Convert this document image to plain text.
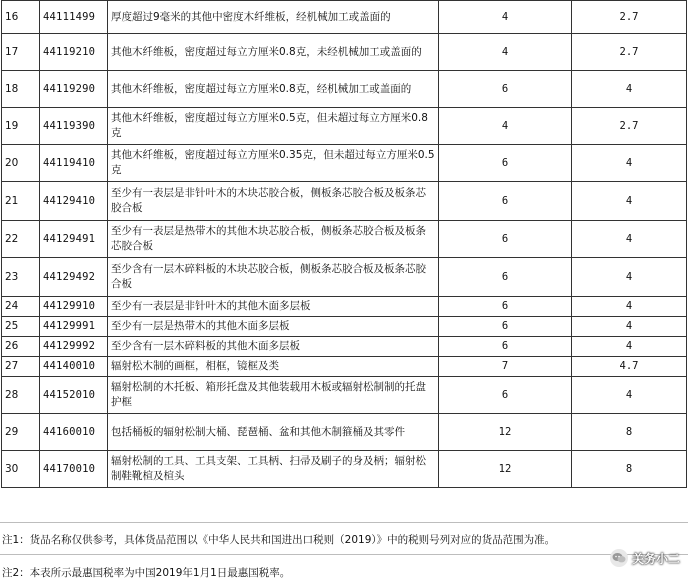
16	44111499	厚度超过9毫米的其他中密度木纤维板，经机械加工或盖面的	4	2.7
17	44119210	其他木纤维板，密度超过每立方厘米0.8克，未经机械加工或盖面的	4	2.7
18	44119290	其他木纤维板，密度超过每立方厘米0.8克，经机械加工或盖面的	6	4
19	44119390	其他木纤维板，密度超过每立方厘米0.5克，但未超过每立方厘米0.8克	4	2.7
20	44119410	其他木纤维板，密度超过每立方厘米0.35克，但未超过每立方厘米0.5克	6	4
21	44129410	至少有一表层是非针叶木的木块芯胶合板，侧板条芯胶合板及板条芯胶合板	6	4
22	44129491	至少有一表层是热带木的其他木块芯胶合板，侧板条芯胶合板及板条芯胶合板	6	4
23	44129492	至少含有一层木碎料板的木块芯胶合板，侧板条芯胶合板及板条芯胶合板	6	4
24	44129910	至少有一表层是非针叶木的其他木面多层板	6	4
25	44129991	至少有一层是热带木的其他木面多层板	6	4
26	44129992	至少含有一层木碎料板的其他木面多层板	6	4
27	44140010	辐射松木制的画框，相框，镜框及类	7	4.7
28	44152010	辐射松制的木托板、箱形托盘及其他装载用木板或辐射松制制的托盘护框	6	4
29	44160010	包括桶板的辐射松制大桶、琵琶桶、盆和其他木制箍桶及其零件	12	8
30	44170010	辐射松制的工具、工具支架、工具柄、扫帚及刷子的身及柄；辐射松制鞋靴楦及楦头	12	8
注1：货品名称仅供参考，具体货品范围以《中华人民共和国进出口税则（2019）》中的税则号列对应的货品范围为准。
注2：本表所示最惠国税率为中国2019年1月1日最惠国税率。
关务小二
